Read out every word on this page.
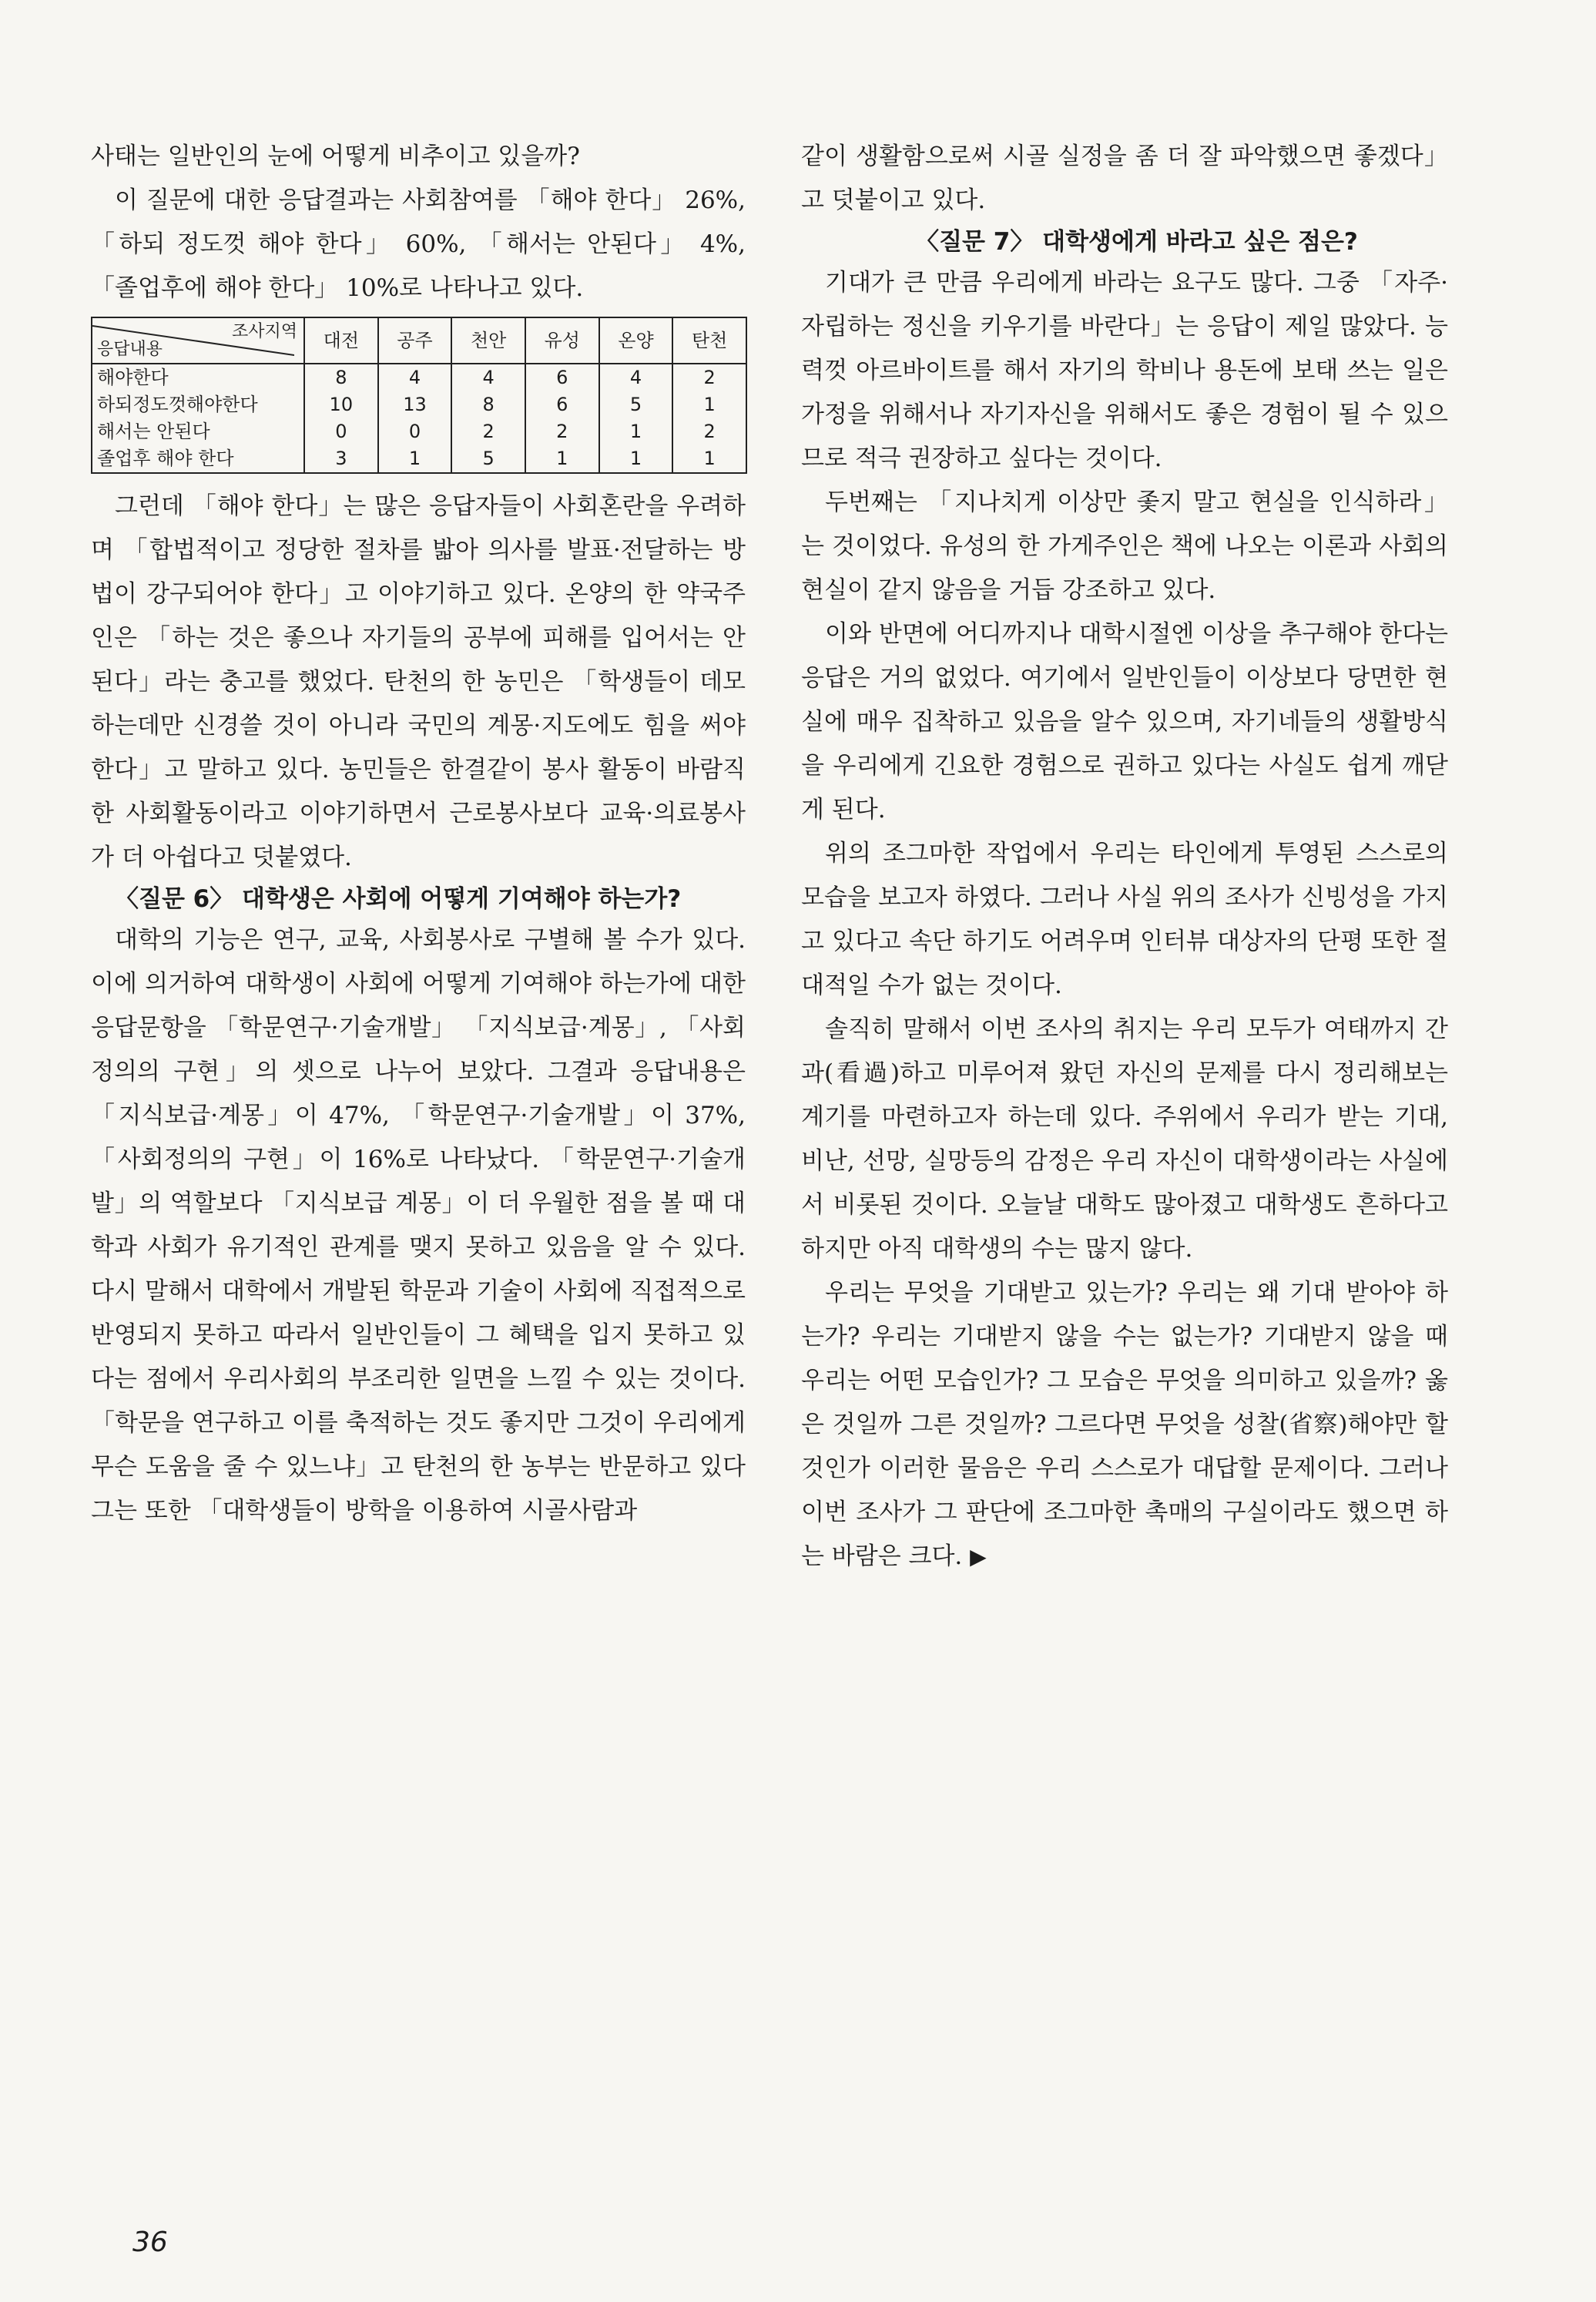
사태는 일반인의 눈에 어떻게 비추이고 있을까?

이 질문에 대한 응답결과는 사회참여를 「해야 한다」 26%, 「하되 정도껏 해야 한다」 60%, 「해서는 안된다」 4%, 「졸업후에 해야 한다」 10%로 나타나고 있다.

조사지역
응답내용	대전	공주	천안	유성	온양	탄천
해야한다	8	4	4	6	4	2
하되정도껏해야한다	10	13	8	6	5	1
해서는 안된다	0	0	2	2	1	2
졸업후 해야 한다	3	1	5	1	1	1

그런데 「해야 한다」는 많은 응답자들이 사회혼란을 우려하며 「합법적이고 정당한 절차를 밟아 의사를 발표·전달하는 방법이 강구되어야 한다」고 이야기하고 있다. 온양의 한 약국주인은 「하는 것은 좋으나 자기들의 공부에 피해를 입어서는 안된다」라는 충고를 했었다. 탄천의 한 농민은 「학생들이 데모하는데만 신경쓸 것이 아니라 국민의 계몽·지도에도 힘을 써야 한다」고 말하고 있다. 농민들은 한결같이 봉사 활동이 바람직한 사회활동이라고 이야기하면서 근로봉사보다 교육·의료봉사가 더 아쉽다고 덧붙였다.

〈질문 6〉 대학생은 사회에 어떻게 기여해야 하는가?

대학의 기능은 연구, 교육, 사회봉사로 구별해 볼 수가 있다. 이에 의거하여 대학생이 사회에 어떻게 기여해야 하는가에 대한 응답문항을 「학문연구·기술개발」 「지식보급·계몽」, 「사회정의의 구현」의 셋으로 나누어 보았다. 그결과 응답내용은 「지식보급·계몽」이 47%, 「학문연구·기술개발」이 37%, 「사회정의의 구현」이 16%로 나타났다. 「학문연구·기술개발」의 역할보다 「지식보급 계몽」이 더 우월한 점을 볼 때 대학과 사회가 유기적인 관계를 맺지 못하고 있음을 알 수 있다. 다시 말해서 대학에서 개발된 학문과 기술이 사회에 직접적으로 반영되지 못하고 따라서 일반인들이 그 혜택을 입지 못하고 있다는 점에서 우리사회의 부조리한 일면을 느낄 수 있는 것이다. 「학문을 연구하고 이를 축적하는 것도 좋지만 그것이 우리에게 무슨 도움을 줄 수 있느냐」고 탄천의 한 농부는 반문하고 있다 그는 또한 「대학생들이 방학을 이용하여 시골사람과

같이 생활함으로써 시골 실정을 좀 더 잘 파악했으면 좋겠다」고 덧붙이고 있다.

〈질문 7〉 대학생에게 바라고 싶은 점은?

기대가 큰 만큼 우리에게 바라는 요구도 많다. 그중 「자주·자립하는 정신을 키우기를 바란다」는 응답이 제일 많았다. 능력껏 아르바이트를 해서 자기의 학비나 용돈에 보태 쓰는 일은 가정을 위해서나 자기자신을 위해서도 좋은 경험이 될 수 있으므로 적극 권장하고 싶다는 것이다.

두번째는 「지나치게 이상만 좇지 말고 현실을 인식하라」는 것이었다. 유성의 한 가게주인은 책에 나오는 이론과 사회의 현실이 같지 않음을 거듭 강조하고 있다.

이와 반면에 어디까지나 대학시절엔 이상을 추구해야 한다는 응답은 거의 없었다. 여기에서 일반인들이 이상보다 당면한 현실에 매우 집착하고 있음을 알수 있으며, 자기네들의 생활방식을 우리에게 긴요한 경험으로 권하고 있다는 사실도 쉽게 깨닫게 된다.

위의 조그마한 작업에서 우리는 타인에게 투영된 스스로의 모습을 보고자 하였다. 그러나 사실 위의 조사가 신빙성을 가지고 있다고 속단 하기도 어려우며 인터뷰 대상자의 단평 또한 절대적일 수가 없는 것이다.

솔직히 말해서 이번 조사의 취지는 우리 모두가 여태까지 간과(看過)하고 미루어져 왔던 자신의 문제를 다시 정리해보는 계기를 마련하고자 하는데 있다. 주위에서 우리가 받는 기대, 비난, 선망, 실망등의 감정은 우리 자신이 대학생이라는 사실에서 비롯된 것이다. 오늘날 대학도 많아졌고 대학생도 흔하다고 하지만 아직 대학생의 수는 많지 않다.

우리는 무엇을 기대받고 있는가? 우리는 왜 기대 받아야 하는가? 우리는 기대받지 않을 수는 없는가? 기대받지 않을 때 우리는 어떤 모습인가? 그 모습은 무엇을 의미하고 있을까? 옳은 것일까 그른 것일까? 그르다면 무엇을 성찰(省察)해야만 할 것인가 이러한 물음은 우리 스스로가 대답할 문제이다. 그러나 이번 조사가 그 판단에 조그마한 촉매의 구실이라도 했으면 하는 바람은 크다. ▶

36
